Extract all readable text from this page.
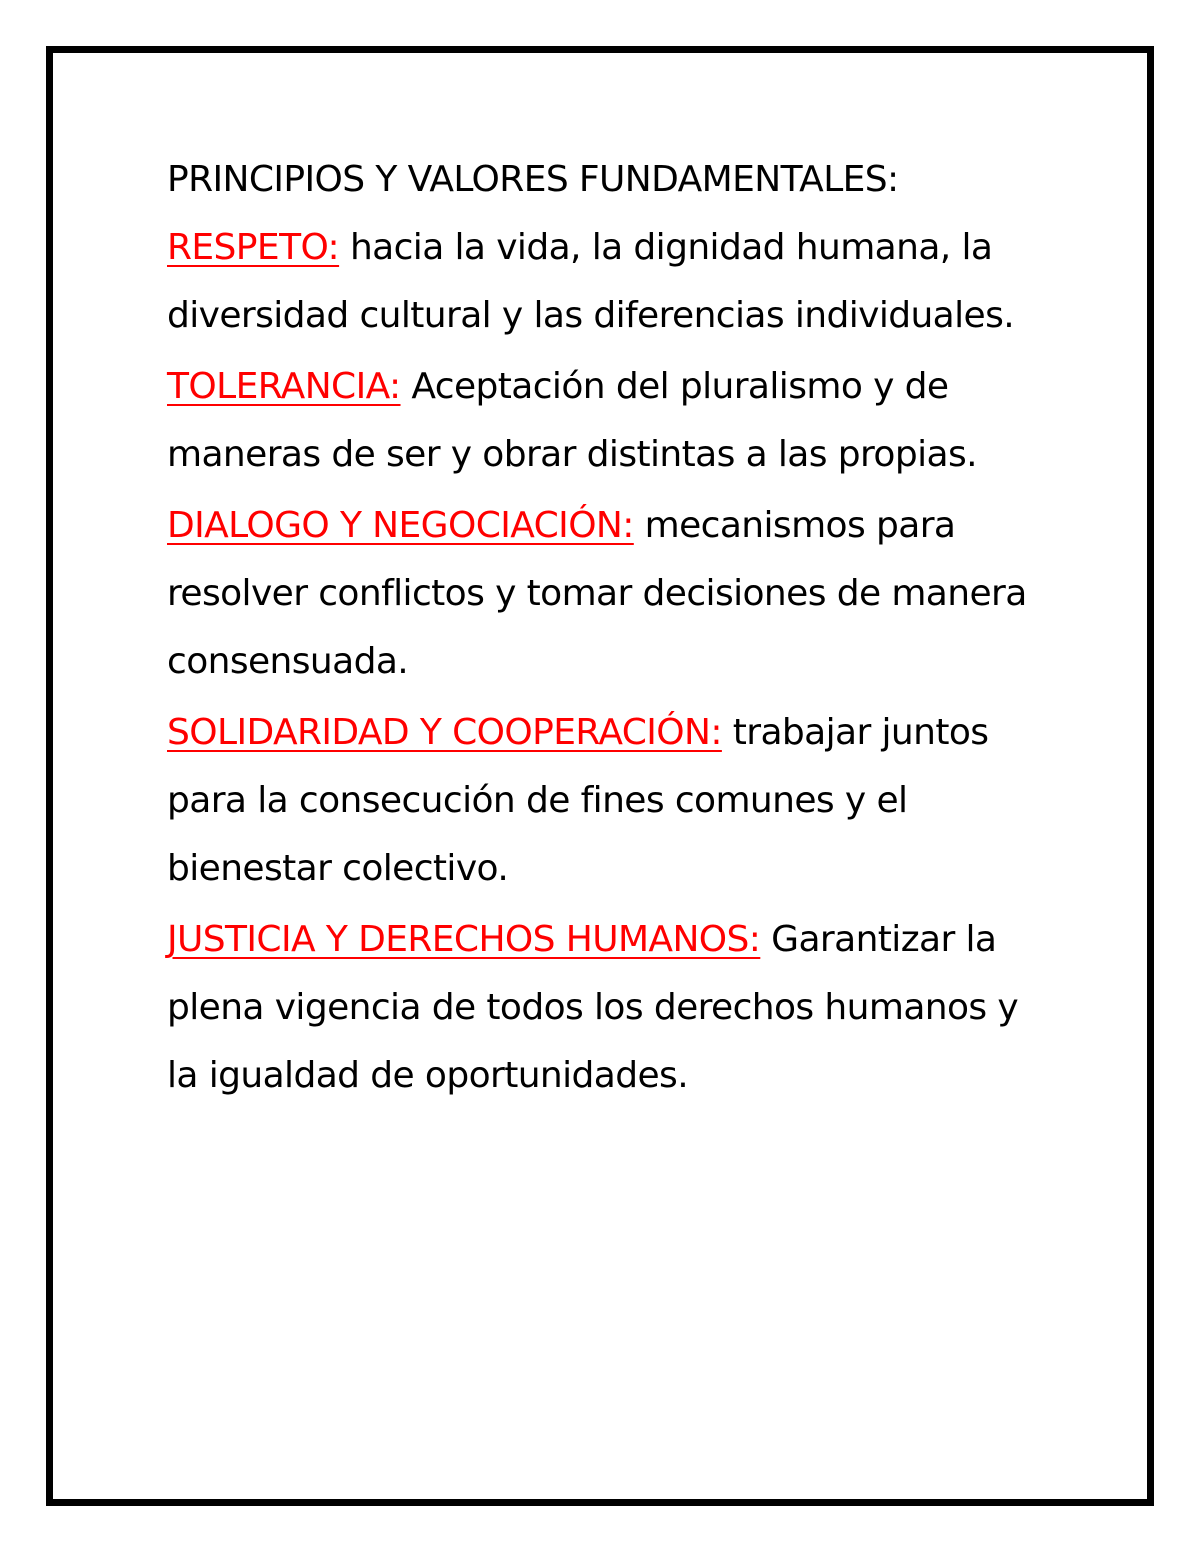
PRINCIPIOS Y VALORES FUNDAMENTALES:

RESPETO: hacia la vida, la dignidad humana, la diversidad cultural y las diferencias individuales.

TOLERANCIA: Aceptación del pluralismo y de maneras de ser y obrar distintas a las propias.

DIALOGO Y NEGOCIACIÓN: mecanismos para resolver conflictos y tomar decisiones de manera consensuada.

SOLIDARIDAD Y COOPERACIÓN: trabajar juntos para la consecución de fines comunes y el bienestar colectivo.

JUSTICIA Y DERECHOS HUMANOS: Garantizar la plena vigencia de todos los derechos humanos y la igualdad de oportunidades.
